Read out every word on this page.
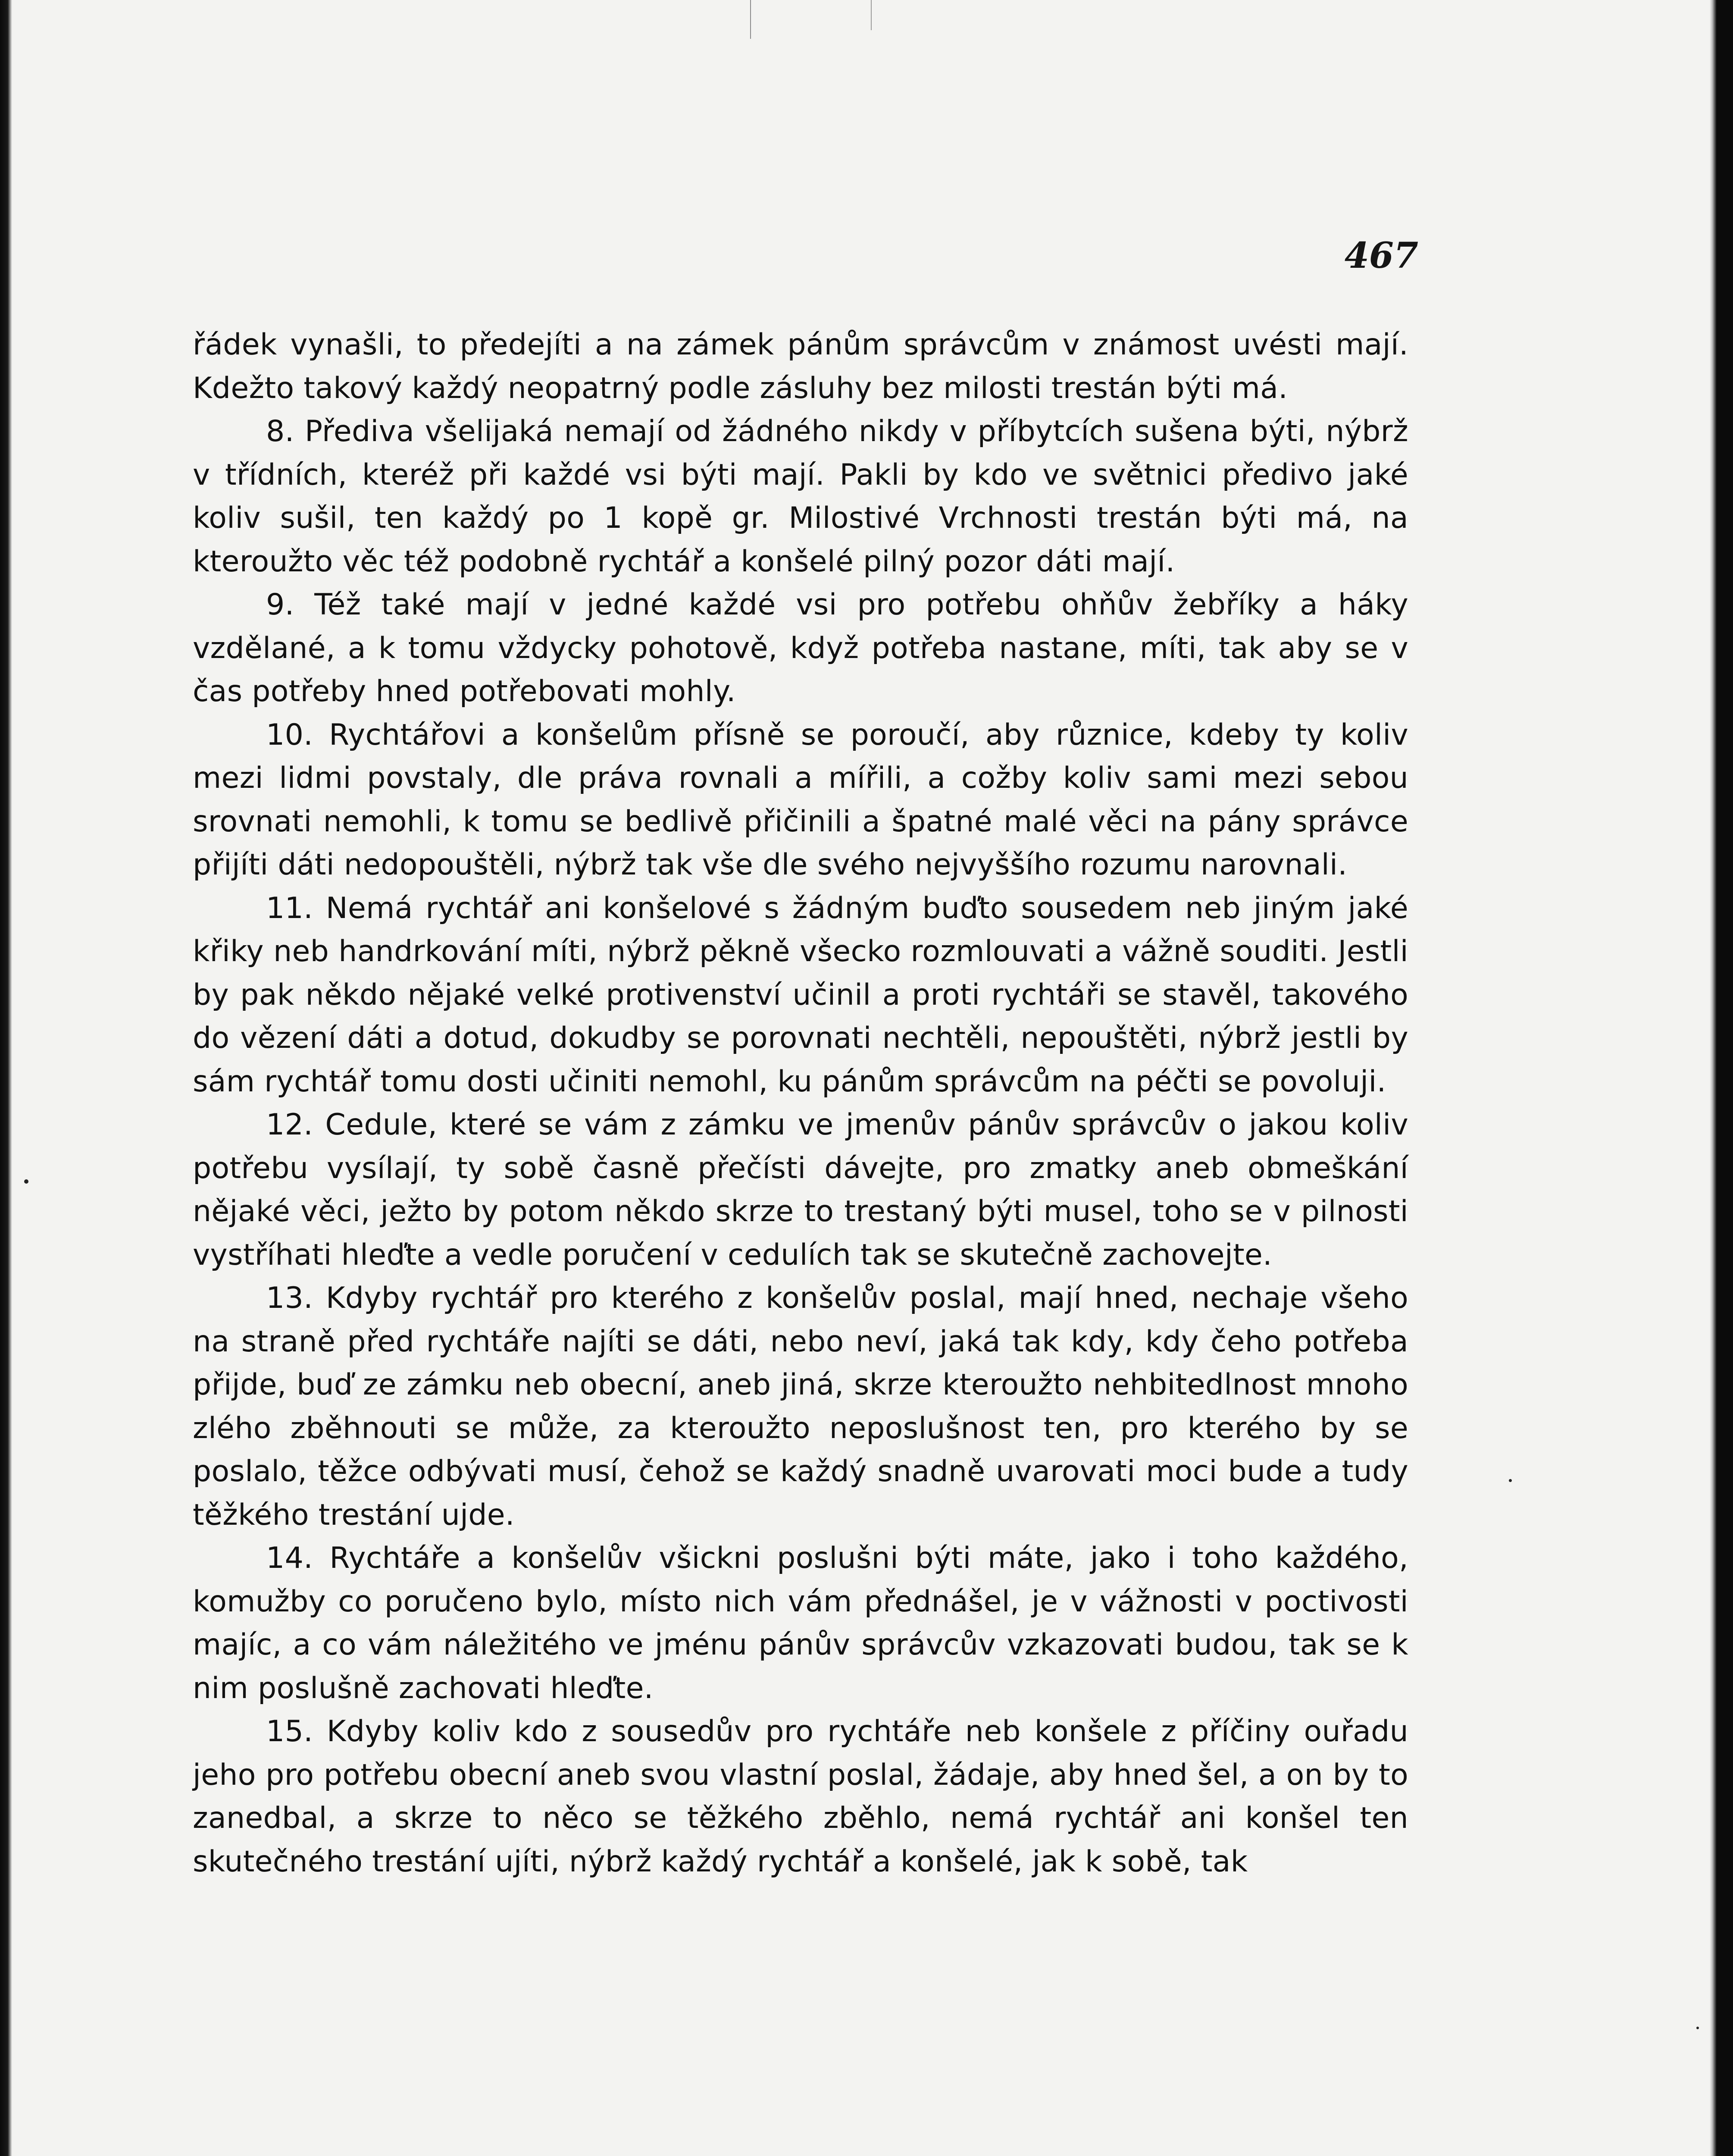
467

řádek vynašli, to předejíti a na zámek pánům správcům v známost uvésti mají. Kdežto takový každý neopatrný podle zásluhy bez milosti trestán býti má.

8. Přediva všelijaká nemají od žádného nikdy v příbytcích sušena býti, nýbrž v třídních, kteréž při každé vsi býti mají. Pakli by kdo ve světnici předivo jaké koliv sušil, ten každý po 1 kopě gr. Milostivé Vrchnosti trestán býti má, na kteroužto věc též podobně rychtář a konšelé pilný pozor dáti mají.

9. Též také mají v jedné každé vsi pro potřebu ohňův žebříky a háky vzdělané, a k tomu vždycky pohotově, když potřeba nastane, míti, tak aby se v čas potřeby hned potřebovati mohly.

10. Rychtářovi a konšelům přísně se poroučí, aby různice, kdeby ty koliv mezi lidmi povstaly, dle práva rovnali a mířili, a cožby koliv sami mezi sebou srovnati nemohli, k tomu se bedlivě přičinili a špatné malé věci na pány správce přijíti dáti nedopouštěli, nýbrž tak vše dle svého nejvyššího rozumu narovnali.

11. Nemá rychtář ani konšelové s žádným buďto sousedem neb jiným jaké křiky neb handrkování míti, nýbrž pěkně všecko rozmlouvati a vážně souditi. Jestli by pak někdo nějaké velké protivenství učinil a proti rychtáři se stavěl, takového do vězení dáti a dotud, dokudby se porovnati nechtěli, nepouštěti, nýbrž jestli by sám rychtář tomu dosti učiniti nemohl, ku pánům správcům na péčti se povoluji.

12. Cedule, které se vám z zámku ve jmenův pánův správcův o jakou koliv potřebu vysílají, ty sobě časně přečísti dávejte, pro zmatky aneb obmeškání nějaké věci, ježto by potom někdo skrze to trestaný býti musel, toho se v pilnosti vystříhati hleďte a vedle poručení v cedulích tak se skutečně zachovejte.

13. Kdyby rychtář pro kterého z konšelův poslal, mají hned, nechaje všeho na straně před rychtáře najíti se dáti, nebo neví, jaká tak kdy, kdy čeho potřeba přijde, buď ze zámku neb obecní, aneb jiná, skrze kteroužto nehbitedlnost mnoho zlého zběhnouti se může, za kteroužto neposlušnost ten, pro kterého by se poslalo, těžce odbývati musí, čehož se každý snadně uvarovati moci bude a tudy těžkého trestání ujde.

14. Rychtáře a konšelův všickni poslušni býti máte, jako i toho každého, komužby co poručeno bylo, místo nich vám přednášel, je v vážnosti v poctivosti majíc, a co vám náležitého ve jménu pánův správcův vzkazovati budou, tak se k nim poslušně zachovati hleďte.

15. Kdyby koliv kdo z sousedův pro rychtáře neb konšele z příčiny ouřadu jeho pro potřebu obecní aneb svou vlastní poslal, žádaje, aby hned šel, a on by to zanedbal, a skrze to něco se těžkého zběhlo, nemá rychtář ani konšel ten skutečného trestání ujíti, nýbrž každý rychtář a konšelé, jak k sobě, tak
